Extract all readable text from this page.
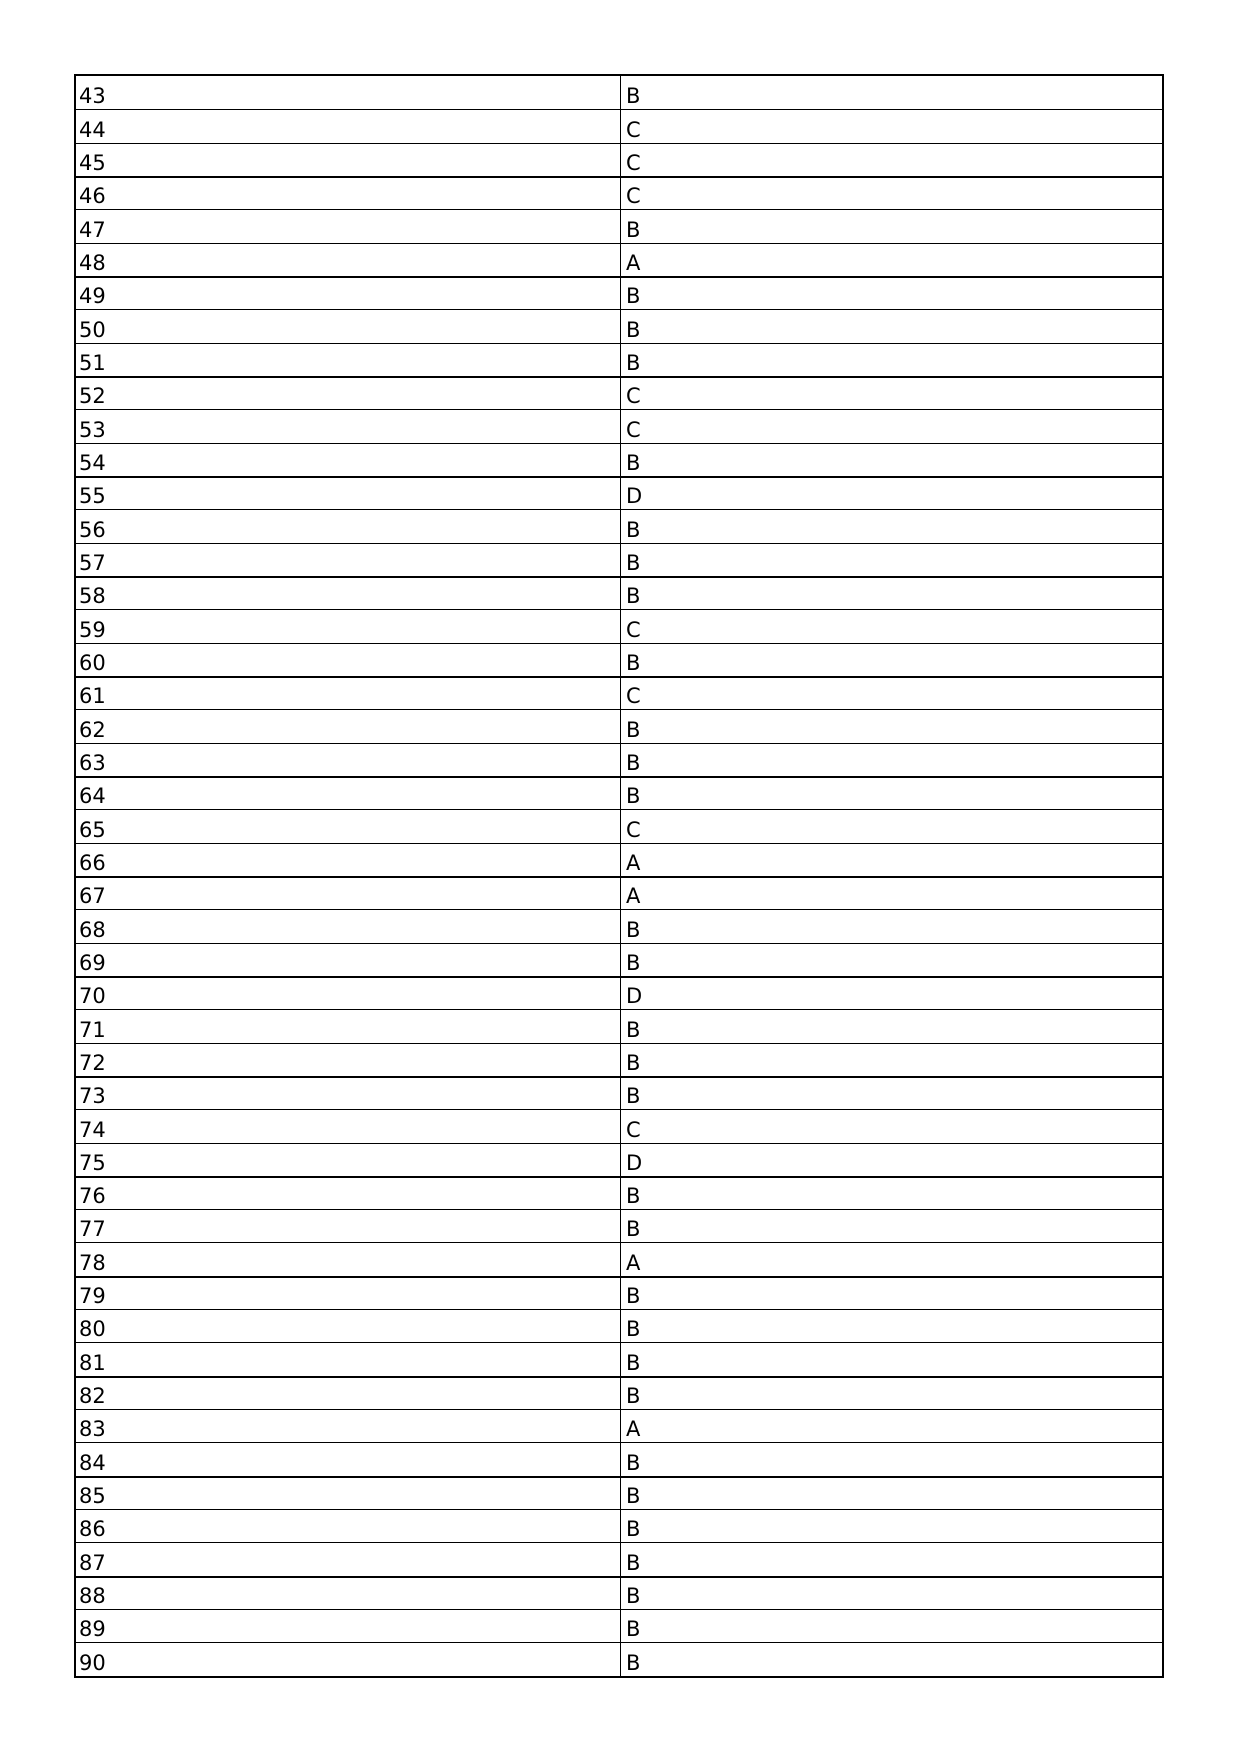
43	B
44	C
45	C
46	C
47	B
48	A
49	B
50	B
51	B
52	C
53	C
54	B
55	D
56	B
57	B
58	B
59	C
60	B
61	C
62	B
63	B
64	B
65	C
66	A
67	A
68	B
69	B
70	D
71	B
72	B
73	B
74	C
75	D
76	B
77	B
78	A
79	B
80	B
81	B
82	B
83	A
84	B
85	B
86	B
87	B
88	B
89	B
90	B
